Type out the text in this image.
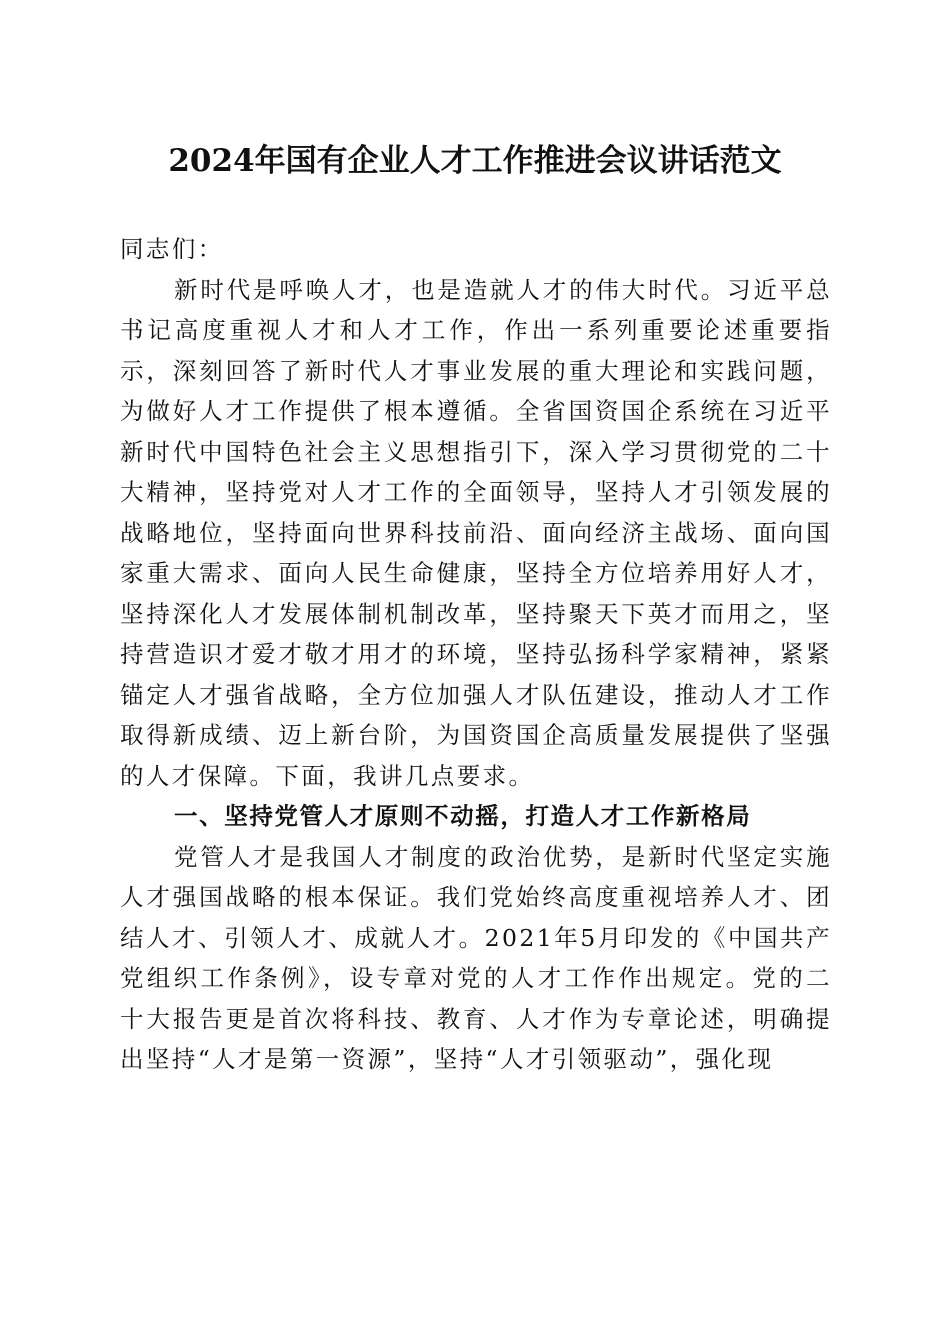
2024年国有企业人才工作推进会议讲话范文

同志们：

新时代是呼唤人才，也是造就人才的伟大时代。习近平总书记高度重视人才和人才工作，作出一系列重要论述重要指示，深刻回答了新时代人才事业发展的重大理论和实践问题，为做好人才工作提供了根本遵循。全省国资国企系统在习近平新时代中国特色社会主义思想指引下，深入学习贯彻党的二十大精神，坚持党对人才工作的全面领导，坚持人才引领发展的战略地位，坚持面向世界科技前沿、面向经济主战场、面向国家重大需求、面向人民生命健康，坚持全方位培养用好人才，坚持深化人才发展体制机制改革，坚持聚天下英才而用之，坚持营造识才爱才敬才用才的环境，坚持弘扬科学家精神，紧紧锚定人才强省战略，全方位加强人才队伍建设，推动人才工作取得新成绩、迈上新台阶，为国资国企高质量发展提供了坚强的人才保障。下面，我讲几点要求。

一、坚持党管人才原则不动摇，打造人才工作新格局

党管人才是我国人才制度的政治优势，是新时代坚定实施人才强国战略的根本保证。我们党始终高度重视培养人才、团结人才、引领人才、成就人才。2021年5月印发的《中国共产党组织工作条例》，设专章对党的人才工作作出规定。党的二十大报告更是首次将科技、教育、人才作为专章论述，明确提出坚持“人才是第一资源”，坚持“人才引领驱动”，强化现
